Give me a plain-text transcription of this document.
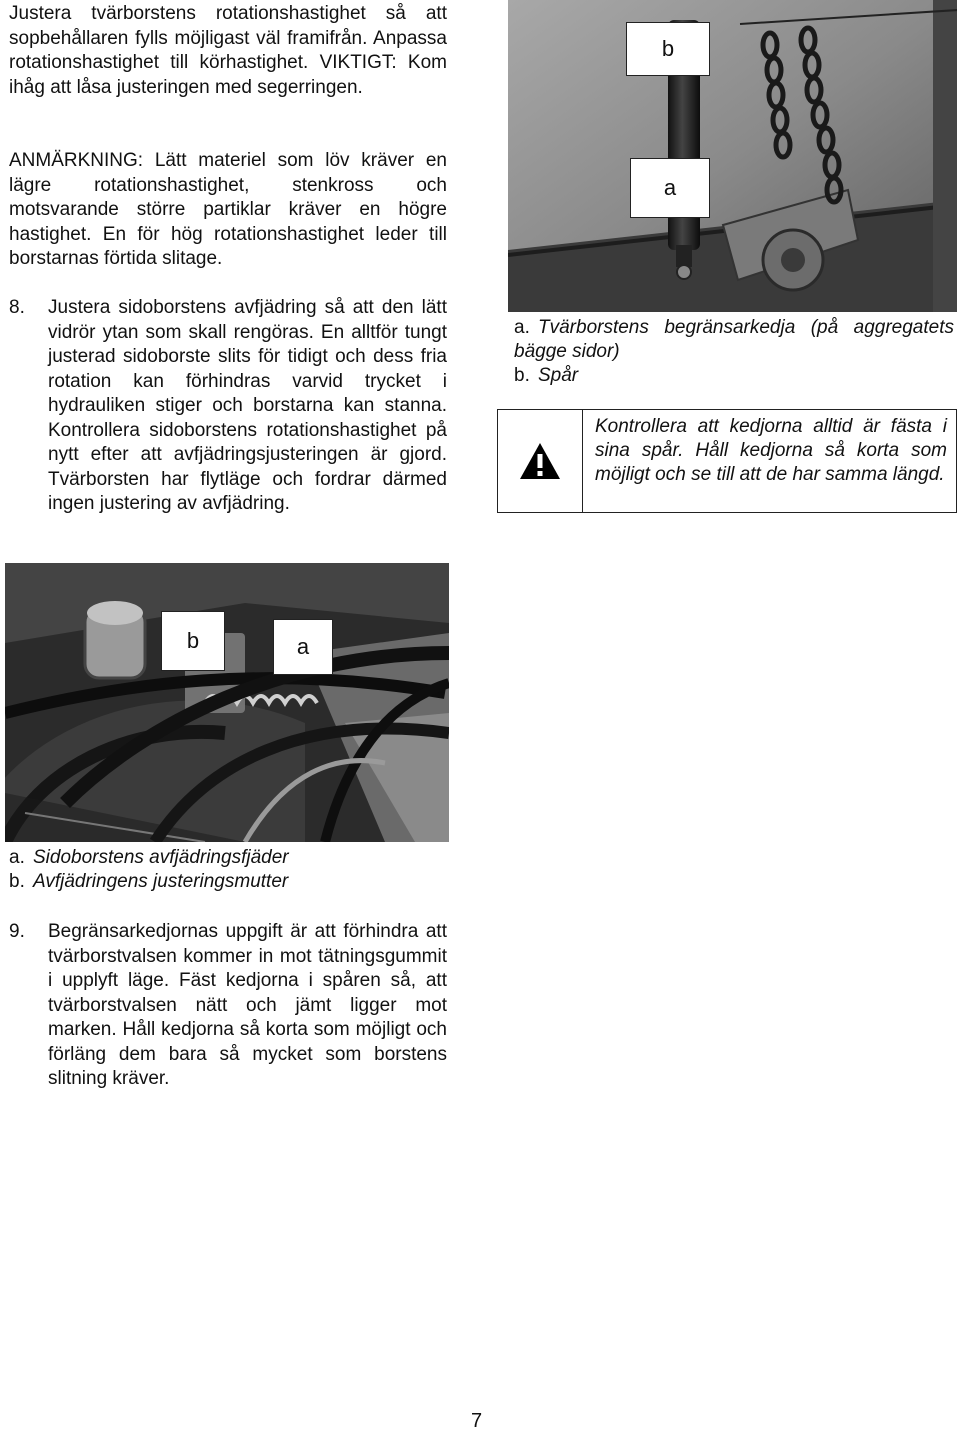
Justera tvärborstens rotationshastighet så att sopbehållaren fylls möjligast väl framifrån. Anpassa rotationshastighet till körhastighet. VIKTIGT: Kom ihåg att låsa justeringen med segerringen.

ANMÄRKNING: Lätt materiel som löv kräver en lägre rotationshastighet, stenkross och motsvarande större partiklar kräver en högre hastighet. En för hög rotationshastighet leder till borstarnas förtida slitage.

8. Justera sidoborstens avfjädring så att den lätt vidrör ytan som skall rengöras. En alltför tungt justerad sidoborste slits för tidigt och dess fria rotation kan förhindras varvid trycket i hydrauliken stiger och borstarna kan stanna. Kontrollera sidoborstens rotationshastighet på nytt efter att avfjädringsjusteringen är gjord. Tvärborsten har flytläge och fordrar därmed ingen justering av avfjädring.

b
a
a. Tvärborstens begränsarkedja (på aggregatets bägge sidor)
b. Spår
Kontrollera att kedjorna alltid är fästa i sina spår. Håll kedjorna så korta som möjligt och se till att de har samma längd.
b	a
a. Sidoborstens avfjädringsfjäder
b. Avfjädringens justeringsmutter
9. Begränsarkedjornas uppgift är att förhindra att tvärborstvalsen kommer in mot tätningsgummit i upplyft läge. Fäst kedjorna i spåren så, att tvärborstvalsen nätt och jämt ligger mot marken. Håll kedjorna så korta som möjligt och förläng dem bara så mycket som borstens slitning kräver.

7
